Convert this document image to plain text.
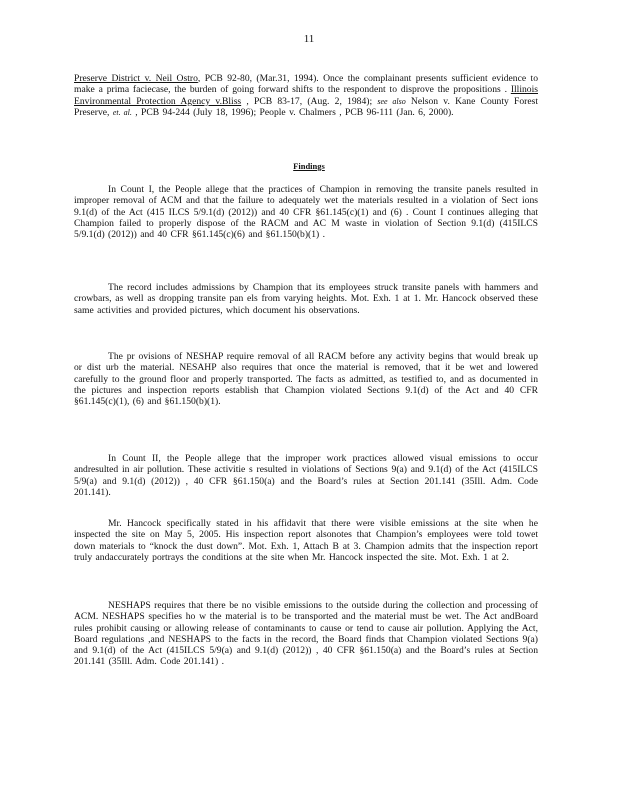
11

Preserve District v. Neil Ostro, PCB 92-80, (Mar.31, 1994). Once the complainant presents sufficient evidence to make a prima faciecase, the burden of going forward shifts to the respondent to disprove the propositions . Illinois Environmental Protection Agency v.Bliss , PCB 83-17, (Aug. 2, 1984); see also Nelson v. Kane County Forest Preserve, et. al. , PCB 94-244 (July 18, 1996); People v. Chalmers , PCB 96-111 (Jan. 6, 2000).

Findings

In Count I, the People allege that the practices of Champion in removing the transite panels resulted in improper removal of ACM and that the failure to adequately wet the materials resulted in a violation of Sect ions 9.1(d) of the Act (415 ILCS 5/9.1(d) (2012)) and 40 CFR §61.145(c)(1) and (6) . Count I continues alleging that Champion failed to properly dispose of the RACM and AC M waste in violation of Section 9.1(d) (415ILCS 5/9.1(d) (2012)) and 40 CFR §61.145(c)(6) and §61.150(b)(1) .

The record includes admissions by Champion that its employees struck transite panels with hammers and crowbars, as well as dropping transite pan els from varying heights. Mot. Exh. 1 at 1. Mr. Hancock observed these same activities and provided pictures, which document his observations.

The pr ovisions of NESHAP require removal of all RACM before any activity begins that would break up or dist urb the material. NESAHP also requires that once the material is removed, that it be wet and lowered carefully to the ground floor and properly transported. The facts as admitted, as testified to, and as documented in the pictures and inspection reports establish that Champion violated Sections 9.1(d) of the Act and 40 CFR §61.145(c)(1), (6) and §61.150(b)(1).

In Count II, the People allege that the improper work practices allowed visual emissions to occur andresulted in air pollution. These activitie s resulted in violations of Sections 9(a) and 9.1(d) of the Act (415ILCS 5/9(a) and 9.1(d) (2012)) , 40 CFR §61.150(a) and the Board’s rules at Section 201.141 (35Ill. Adm. Code 201.141).

Mr. Hancock specifically stated in his affidavit that there were visible emissions at the site when he inspected the site on May 5, 2005. His inspection report alsonotes that Champion’s employees were told towet down materials to “knock the dust down”. Mot. Exh. 1, Attach B at 3. Champion admits that the inspection report truly andaccurately portrays the conditions at the site when Mr. Hancock inspected the site. Mot. Exh. 1 at 2.

NESHAPS requires that there be no visible emissions to the outside during the collection and processing of ACM. NESHAPS specifies ho w the material is to be transported and the material must be wet. The Act andBoard rules prohibit causing or allowing release of contaminants to cause or tend to cause air pollution. Applying the Act, Board regulations ,and NESHAPS to the facts in the record, the Board finds that Champion violated Sections 9(a) and 9.1(d) of the Act (415ILCS 5/9(a) and 9.1(d) (2012)) , 40 CFR §61.150(a) and the Board’s rules at Section 201.141 (35Ill. Adm. Code 201.141) .
